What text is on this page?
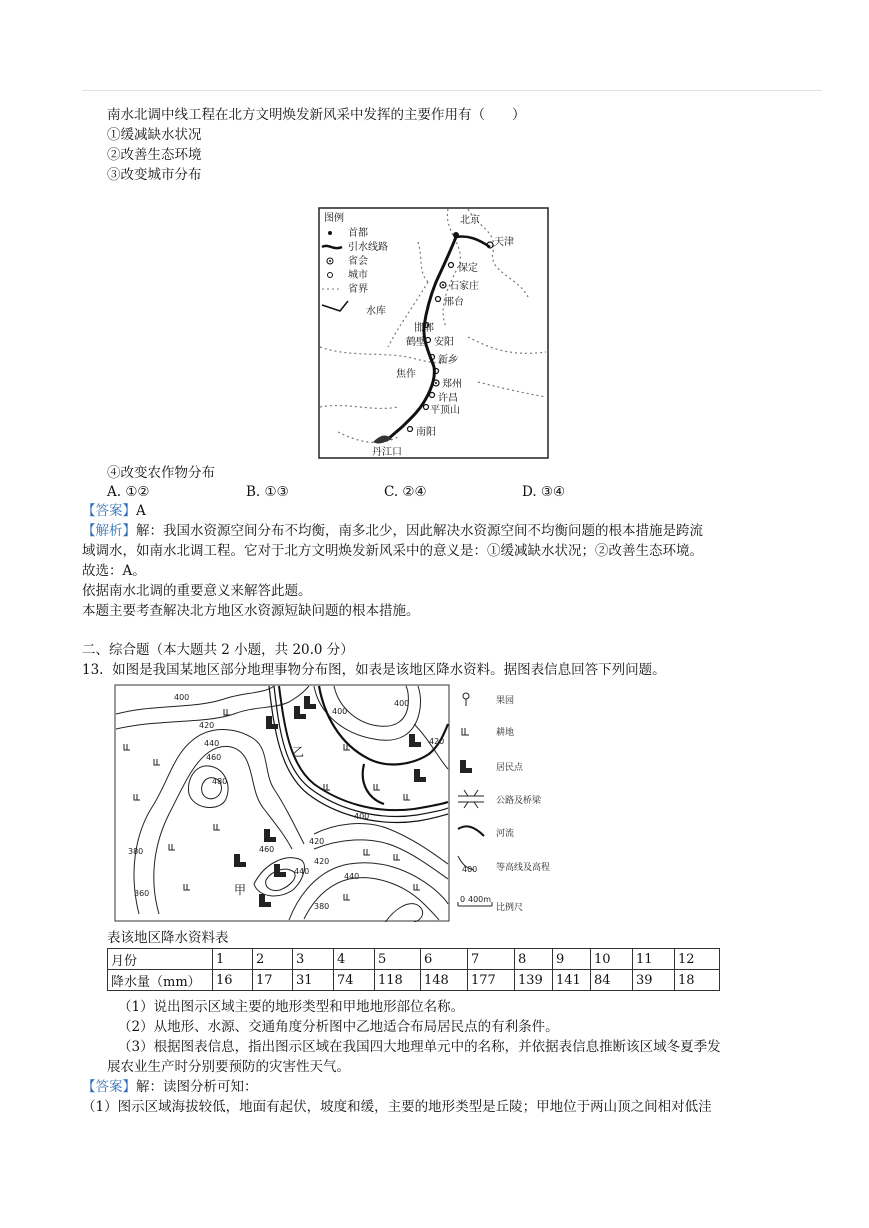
南水北调中线工程在北方文明焕发新风采中发挥的主要作用有（　　）
①缓减缺水状况
②改善生态环境
③改变城市分布
图例
首都
引水线路
省会
城市
省界
水库
北京
天津
保定
石家庄
邢台
邯郸
安阳
鹤壁
新乡
焦作
郑州
许昌
平顶山
南阳
丹江口
④改变农作物分布
A. ①②	B. ①③	C. ②④	D. ③④
【答案】A
【解析】解：我国水资源空间分布不均衡，南多北少，因此解决水资源空间不均衡问题的根本措施是跨流
域调水，如南水北调工程。它对于北方文明焕发新风采中的意义是：①缓减缺水状况；②改善生态环境。
故选：A。
依据南水北调的重要意义来解答此题。
本题主要考查解决北方地区水资源短缺问题的根本措施。
二、综合题（本大题共 2 小题，共 20.0 分）
13. 如图是我国某地区部分地理事物分布图，如表是该地区降水资料。据图表信息回答下列问题。
400
420
440
460
480
400
420
440
460
380
400
420
440
380
360
400
420
乙
甲
果园
耕地
居民点
公路及桥梁
河流
400 等高线及高程
0 400m
比例尺
表该地区降水资料表
月份	1	2	3	4	5	6	7	8	9	10	11	12
降水量（mm）	16	17	31	74	118	148	177	139	141	84	39	18
（1）说出图示区域主要的地形类型和甲地地形部位名称。
（2）从地形、水源、交通角度分析图中乙地适合布局居民点的有利条件。
（3）根据图表信息，指出图示区域在我国四大地理单元中的名称，并依据表信息推断该区域冬夏季发
展农业生产时分别要预防的灾害性天气。
【答案】解：读图分析可知：
（1）图示区域海拔较低，地面有起伏，坡度和缓，主要的地形类型是丘陵；甲地位于两山顶之间相对低洼
